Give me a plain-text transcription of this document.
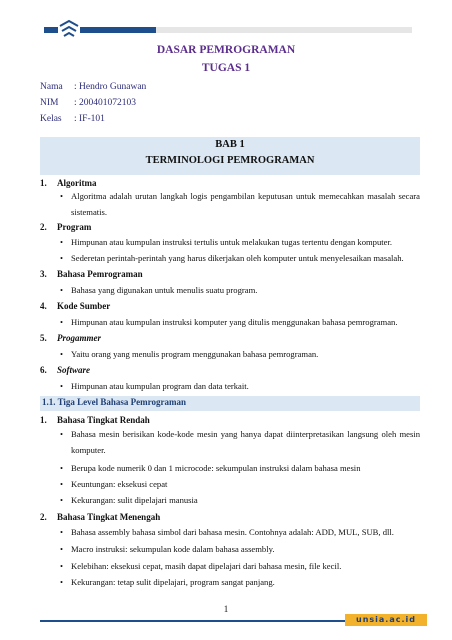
DASAR PEMROGRAMAN
TUGAS 1
Nama : Hendro Gunawan
NIM : 200401072103
Kelas : IF-101
BAB 1
TERMINOLOGI PEMROGRAMAN
1. Algoritma
• Algoritma adalah urutan langkah logis pengambilan keputusan untuk memecahkan masalah secara sistematis.
2. Program
• Himpunan atau kumpulan instruksi tertulis untuk melakukan tugas tertentu dengan komputer.
• Sederetan perintah-perintah yang harus dikerjakan oleh komputer untuk menyelesaikan masalah.
3. Bahasa Pemrograman
• Bahasa yang digunakan untuk menulis suatu program.
4. Kode Sumber
• Himpunan atau kumpulan instruksi komputer yang ditulis menggunakan bahasa pemrograman.
5. Progammer
• Yaitu orang yang menulis program menggunakan bahasa pemrograman.
6. Software
• Himpunan atau kumpulan program dan data terkait.
1.1. Tiga Level Bahasa Pemrograman
1. Bahasa Tingkat Rendah
• Bahasa mesin berisikan kode-kode mesin yang hanya dapat diinterpretasikan langsung oleh mesin komputer.
• Berupa kode numerik 0 dan 1 microcode: sekumpulan instruksi dalam bahasa mesin
• Keuntungan: eksekusi cepat
• Kekurangan: sulit dipelajari manusia
2. Bahasa Tingkat Menengah
• Bahasa assembly bahasa simbol dari bahasa mesin. Contohnya adalah: ADD, MUL, SUB, dll.
• Macro instruksi: sekumpulan kode dalam bahasa assembly.
• Kelebihan: eksekusi cepat, masih dapat dipelajari dari bahasa mesin, file kecil.
• Kekurangan: tetap sulit dipelajari, program sangat panjang.
1
unsia.ac.id
